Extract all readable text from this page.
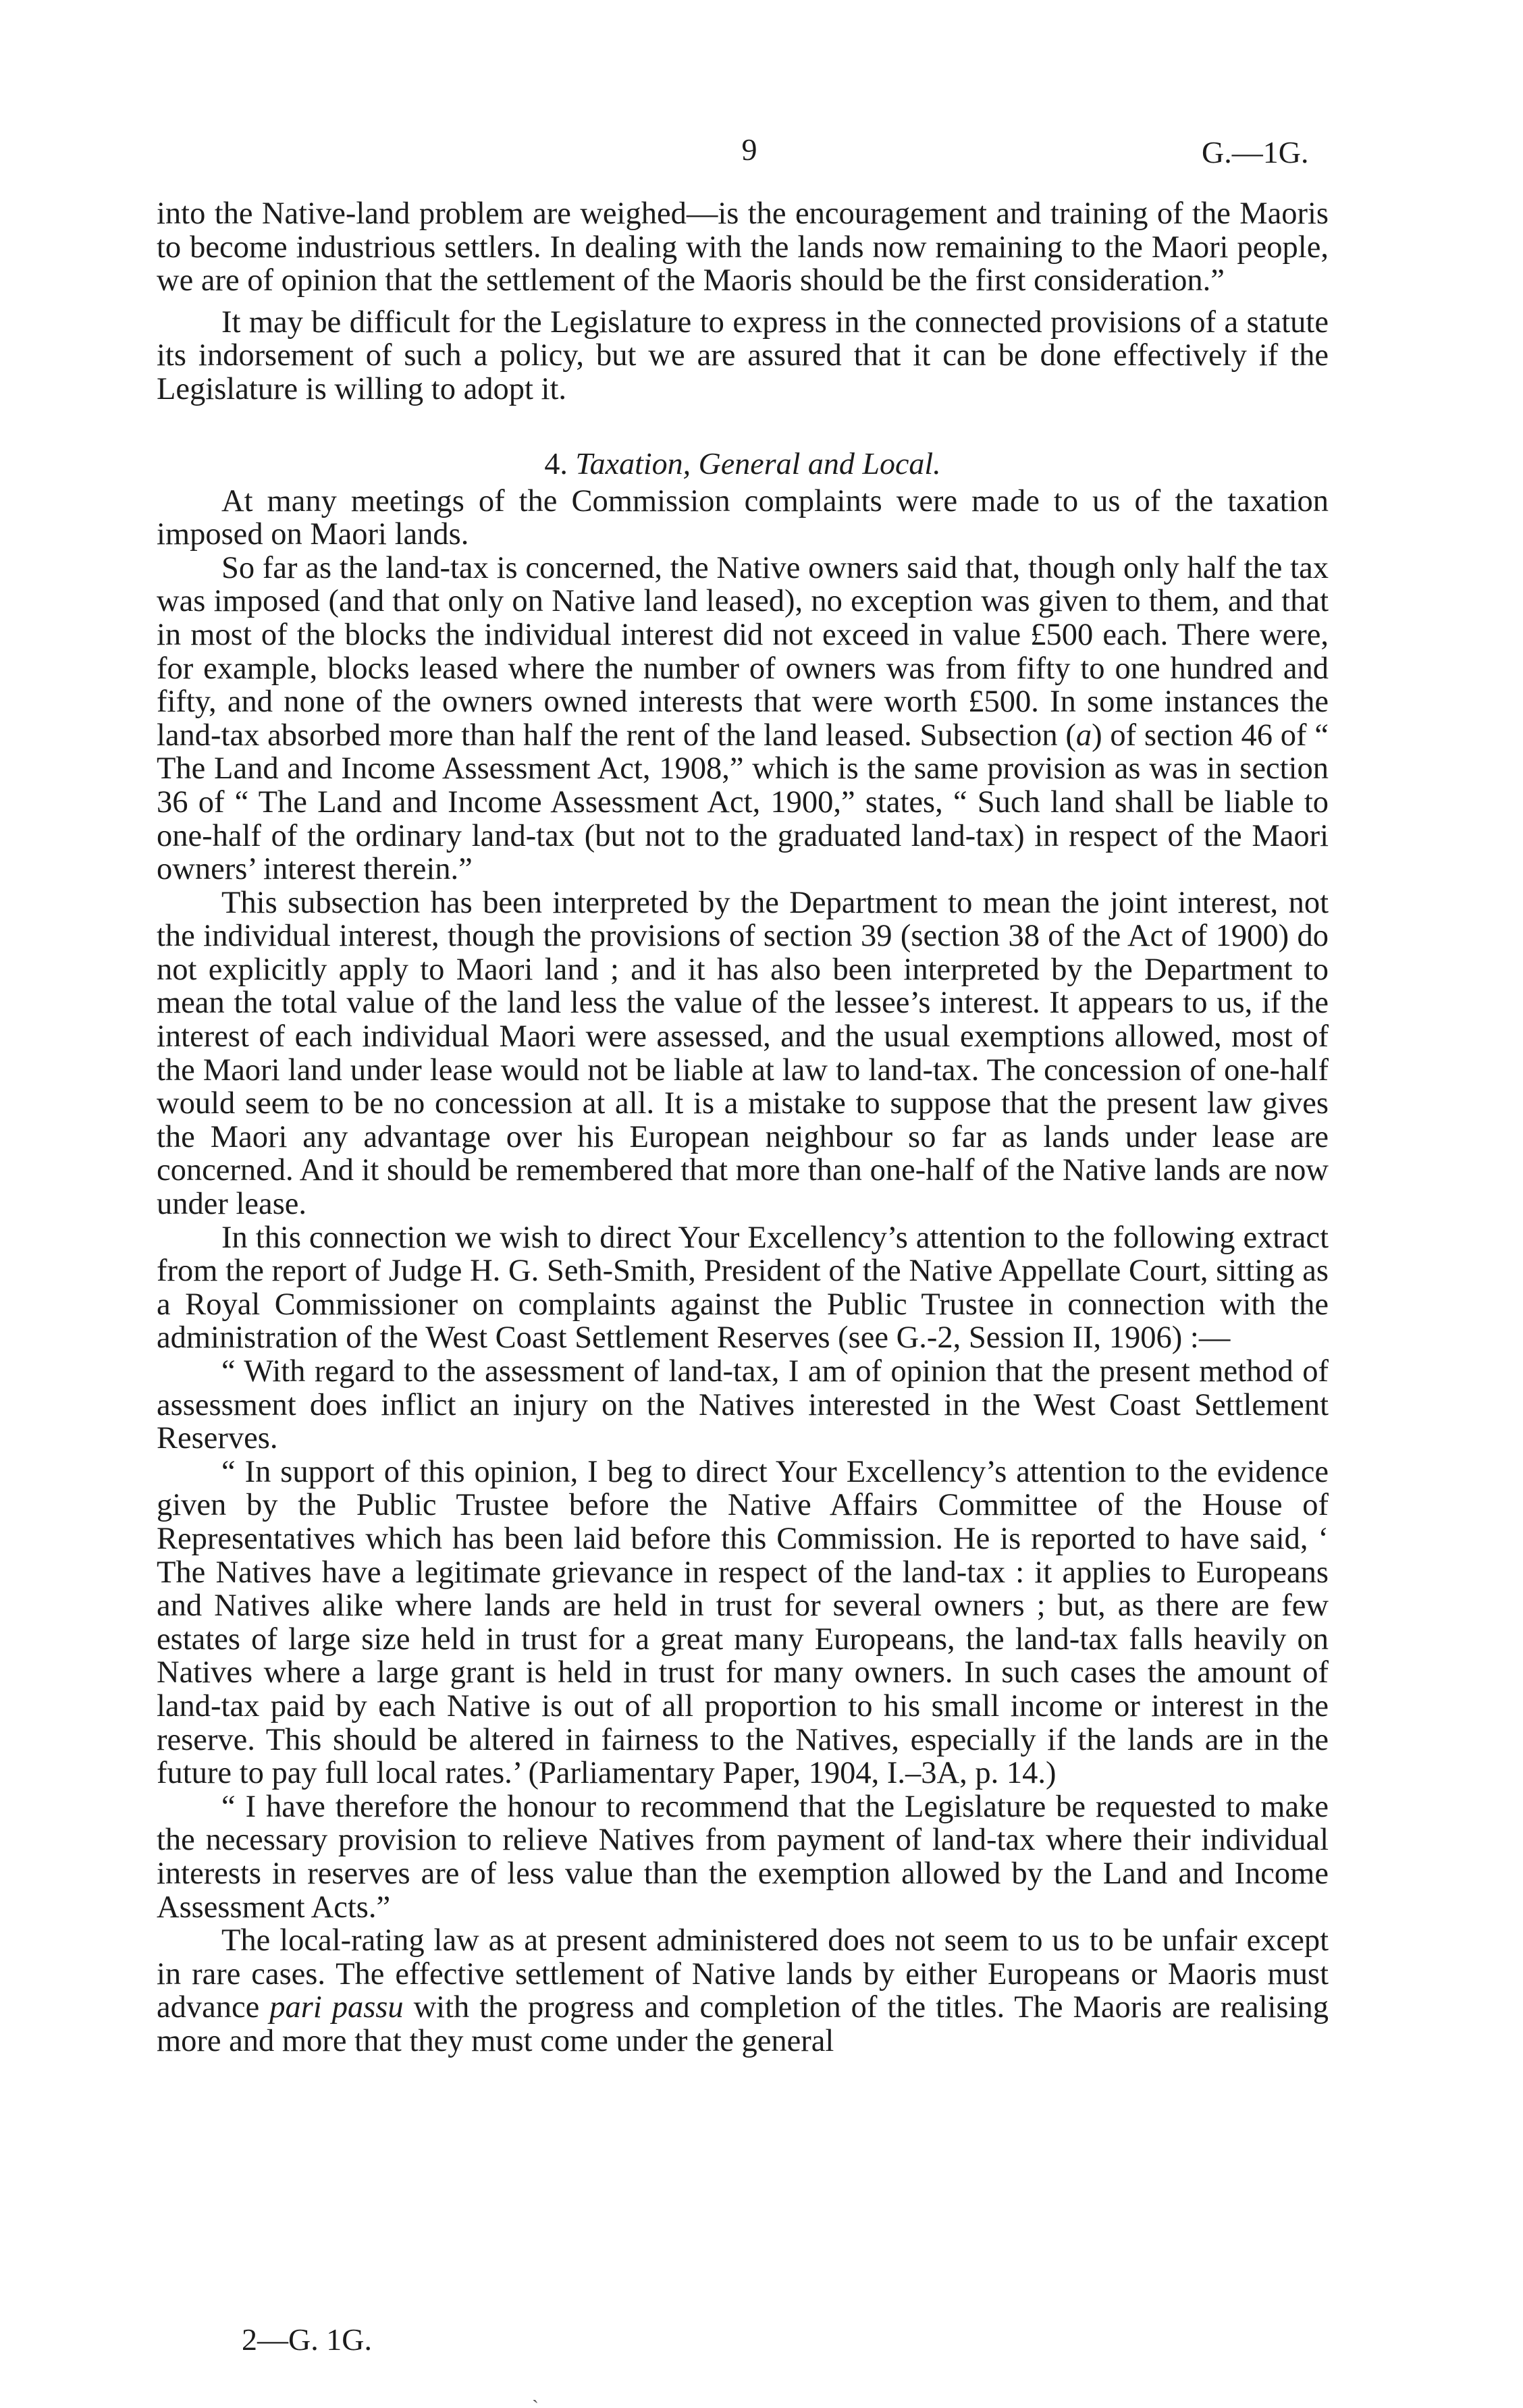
9	G.—1G.

into the Native-land problem are weighed—is the encouragement and training of the Maoris to become industrious settlers. In dealing with the lands now remaining to the Maori people, we are of opinion that the settlement of the Maoris should be the first consideration.”

It may be difficult for the Legislature to express in the connected provisions of a statute its indorsement of such a policy, but we are assured that it can be done effectively if the Legislature is willing to adopt it.

4. Taxation, General and Local.

At many meetings of the Commission complaints were made to us of the taxation imposed on Maori lands.

So far as the land-tax is concerned, the Native owners said that, though only half the tax was imposed (and that only on Native land leased), no exception was given to them, and that in most of the blocks the individual interest did not exceed in value £500 each. There were, for example, blocks leased where the number of owners was from fifty to one hundred and fifty, and none of the owners owned interests that were worth £500. In some instances the land-tax absorbed more than half the rent of the land leased. Subsection (a) of section 46 of “ The Land and Income Assessment Act, 1908,” which is the same provision as was in section 36 of “ The Land and Income Assessment Act, 1900,” states, “ Such land shall be liable to one-half of the ordinary land-tax (but not to the graduated land-tax) in respect of the Maori owners’ interest therein.”

This subsection has been interpreted by the Department to mean the joint interest, not the individual interest, though the provisions of section 39 (section 38 of the Act of 1900) do not explicitly apply to Maori land ; and it has also been interpreted by the Department to mean the total value of the land less the value of the lessee’s interest. It appears to us, if the interest of each individual Maori were assessed, and the usual exemptions allowed, most of the Maori land under lease would not be liable at law to land-tax. The concession of one-half would seem to be no concession at all. It is a mistake to suppose that the present law gives the Maori any advantage over his European neighbour so far as lands under lease are concerned. And it should be remembered that more than one-half of the Native lands are now under lease.

In this connection we wish to direct Your Excellency’s attention to the following extract from the report of Judge H. G. Seth-Smith, President of the Native Appellate Court, sitting as a Royal Commissioner on complaints against the Public Trustee in connection with the administration of the West Coast Settlement Reserves (see G.-2, Session II, 1906) :—

“ With regard to the assessment of land-tax, I am of opinion that the present method of assessment does inflict an injury on the Natives interested in the West Coast Settlement Reserves.

“ In support of this opinion, I beg to direct Your Excellency’s attention to the evidence given by the Public Trustee before the Native Affairs Committee of the House of Representatives which has been laid before this Commission. He is reported to have said, ‘ The Natives have a legitimate grievance in respect of the land-tax : it applies to Europeans and Natives alike where lands are held in trust for several owners ; but, as there are few estates of large size held in trust for a great many Europeans, the land-tax falls heavily on Natives where a large grant is held in trust for many owners. In such cases the amount of land-tax paid by each Native is out of all proportion to his small income or interest in the reserve. This should be altered in fairness to the Natives, especially if the lands are in the future to pay full local rates.’ (Parliamentary Paper, 1904, I.–3A, p. 14.)

“ I have therefore the honour to recommend that the Legislature be requested to make the necessary provision to relieve Natives from payment of land-tax where their individual interests in reserves are of less value than the exemption allowed by the Land and Income Assessment Acts.”

The local-rating law as at present administered does not seem to us to be unfair except in rare cases. The effective settlement of Native lands by either Europeans or Maoris must advance pari passu with the progress and completion of the titles. The Maoris are realising more and more that they must come under the general

2—G. 1G.
ˏ
